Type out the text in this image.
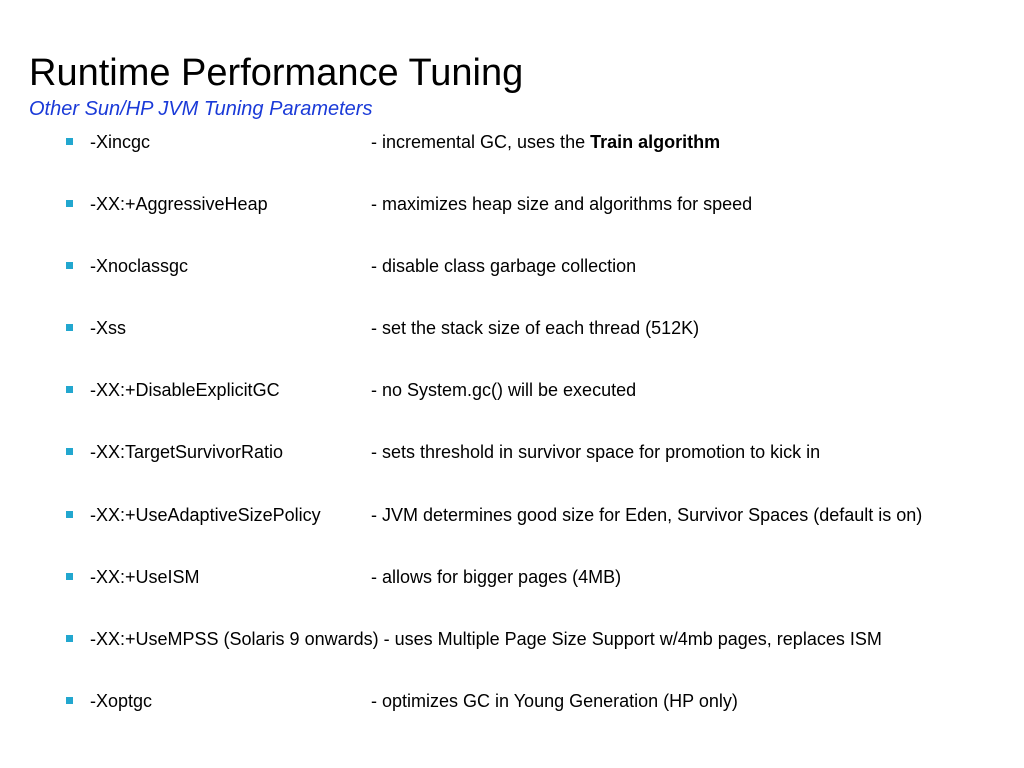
Runtime Performance Tuning
Other Sun/HP JVM Tuning Parameters
-Xincgc	- incremental GC, uses the Train algorithm
-XX:+AggressiveHeap	- maximizes heap size and algorithms for speed
-Xnoclassgc	- disable class garbage collection
-Xss	- set the stack size of each thread (512K)
-XX:+DisableExplicitGC	- no System.gc() will be executed
-XX:TargetSurvivorRatio	- sets threshold in survivor space for promotion to kick in
-XX:+UseAdaptiveSizePolicy	- JVM determines good size for Eden, Survivor Spaces (default is on)
-XX:+UseISM	- allows for bigger pages (4MB)
-XX:+UseMPSS (Solaris 9 onwards) - uses Multiple Page Size Support w/4mb pages, replaces ISM
-Xoptgc	- optimizes GC in Young Generation (HP only)
